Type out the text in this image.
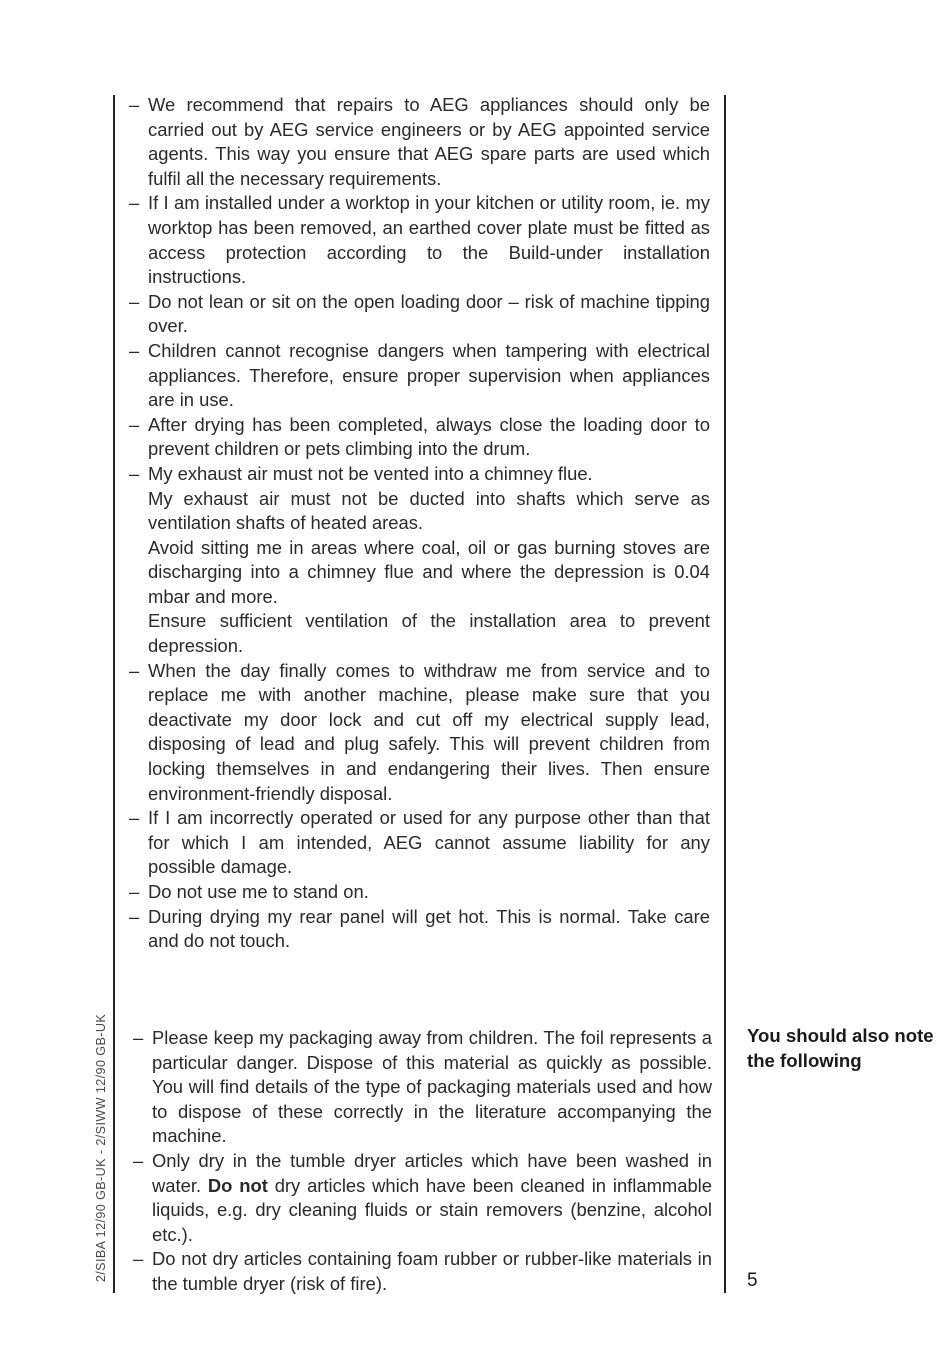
– We recommend that repairs to AEG appliances should only be carried out by AEG service engineers or by AEG appointed service agents. This way you ensure that AEG spare parts are used which fulfil all the necessary requirements.
– If I am installed under a worktop in your kitchen or utility room, ie. my worktop has been removed, an earthed cover plate must be fitted as access protection according to the Build-under installation instructions.
– Do not lean or sit on the open loading door – risk of machine tipping over.
– Children cannot recognise dangers when tampering with electrical appliances. Therefore, ensure proper supervision when appliances are in use.
– After drying has been completed, always close the loading door to prevent children or pets climbing into the drum.
– My exhaust air must not be vented into a chimney flue.
My exhaust air must not be ducted into shafts which serve as ventilation shafts of heated areas.
Avoid sitting me in areas where coal, oil or gas burning stoves are discharging into a chimney flue and where the depression is 0.04 mbar and more.
Ensure sufficient ventilation of the installation area to prevent depression.
– When the day finally comes to withdraw me from service and to replace me with another machine, please make sure that you deactivate my door lock and cut off my electrical supply lead, disposing of lead and plug safely. This will prevent children from locking themselves in and endangering their lives. Then ensure environment-friendly disposal.
– If I am incorrectly operated or used for any purpose other than that for which I am intended, AEG cannot assume liability for any possible damage.
– Do not use me to stand on.
– During drying my rear panel will get hot. This is normal. Take care and do not touch.
– Please keep my packaging away from children. The foil represents a particular danger. Dispose of this material as quickly as possible. You will find details of the type of packaging materials used and how to dispose of these correctly in the literature accompanying the machine.
– Only dry in the tumble dryer articles which have been washed in water. Do not dry articles which have been cleaned in inflammable liquids, e.g. dry cleaning fluids or stain removers (benzine, alcohol etc.).
– Do not dry articles containing foam rubber or rubber-like materials in the tumble dryer (risk of fire).
You should also note the following
5
2/SIBA 12/90 GB-UK - 2/SIWW 12/90 GB-UK
